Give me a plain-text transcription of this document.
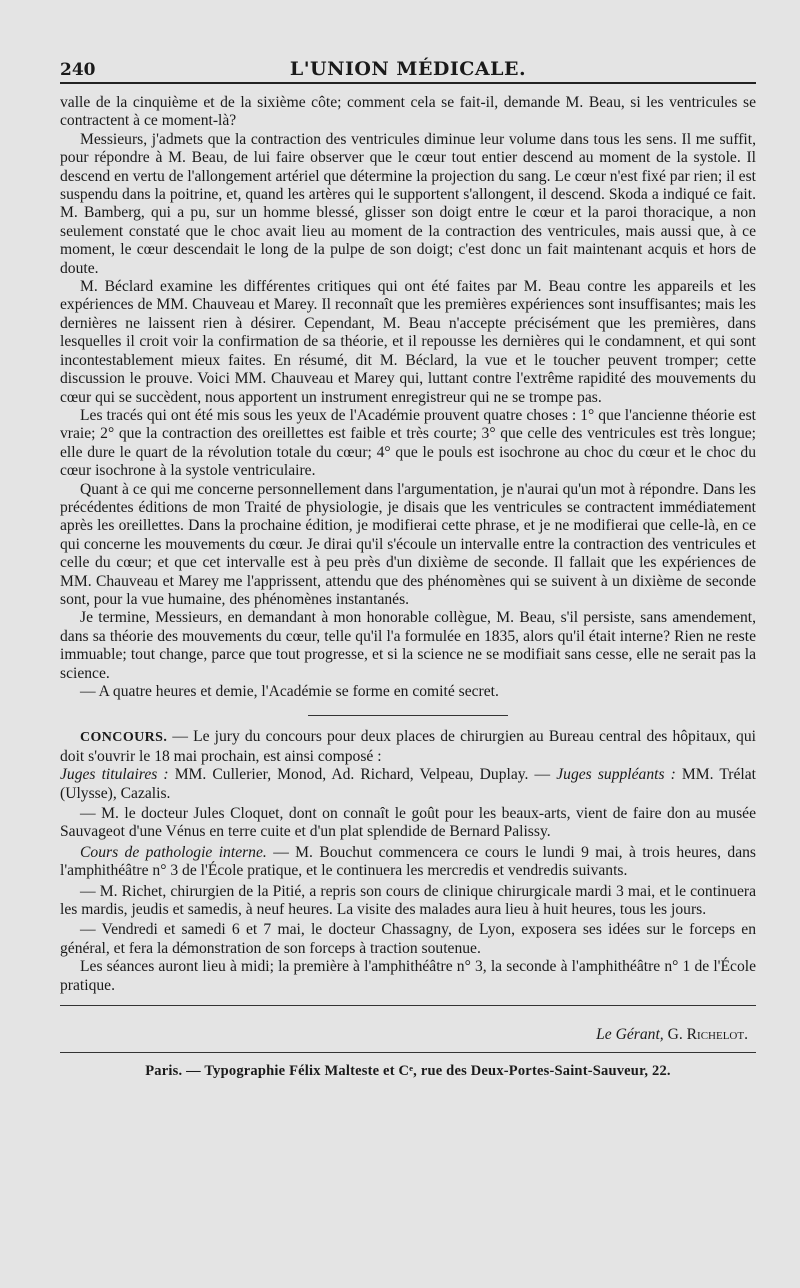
240	L'UNION MÉDICALE.

valle de la cinquième et de la sixième côte; comment cela se fait-il, demande M. Beau, si les ventricules se contractent à ce moment-là?

Messieurs, j'admets que la contraction des ventricules diminue leur volume dans tous les sens. Il me suffit, pour répondre à M. Beau, de lui faire observer que le cœur tout entier descend au moment de la systole. Il descend en vertu de l'allongement artériel que détermine la projection du sang. Le cœur n'est fixé par rien; il est suspendu dans la poitrine, et, quand les artères qui le supportent s'allongent, il descend. Skoda a indiqué ce fait. M. Bamberg, qui a pu, sur un homme blessé, glisser son doigt entre le cœur et la paroi thoracique, a non seulement constaté que le choc avait lieu au moment de la contraction des ventricules, mais aussi que, à ce moment, le cœur descendait le long de la pulpe de son doigt; c'est donc un fait maintenant acquis et hors de doute.

M. Béclard examine les différentes critiques qui ont été faites par M. Beau contre les appareils et les expériences de MM. Chauveau et Marey. Il reconnaît que les premières expériences sont insuffisantes; mais les dernières ne laissent rien à désirer. Cependant, M. Beau n'accepte précisément que les premières, dans lesquelles il croit voir la confirmation de sa théorie, et il repousse les dernières qui le condamnent, et qui sont incontestablement mieux faites. En résumé, dit M. Béclard, la vue et le toucher peuvent tromper; cette discussion le prouve. Voici MM. Chauveau et Marey qui, luttant contre l'extrême rapidité des mouvements du cœur qui se succèdent, nous apportent un instrument enregistreur qui ne se trompe pas.

Les tracés qui ont été mis sous les yeux de l'Académie prouvent quatre choses : 1° que l'ancienne théorie est vraie; 2° que la contraction des oreillettes est faible et très courte; 3° que celle des ventricules est très longue; elle dure le quart de la révolution totale du cœur; 4° que le pouls est isochrone au choc du cœur et le choc du cœur isochrone à la systole ventriculaire.

Quant à ce qui me concerne personnellement dans l'argumentation, je n'aurai qu'un mot à répondre. Dans les précédentes éditions de mon Traité de physiologie, je disais que les ventricules se contractent immédiatement après les oreillettes. Dans la prochaine édition, je modifierai cette phrase, et je ne modifierai que celle-là, en ce qui concerne les mouvements du cœur. Je dirai qu'il s'écoule un intervalle entre la contraction des ventricules et celle du cœur; et que cet intervalle est à peu près d'un dixième de seconde. Il fallait que les expériences de MM. Chauveau et Marey me l'apprissent, attendu que des phénomènes qui se suivent à un dixième de seconde sont, pour la vue humaine, des phénomènes instantanés.

Je termine, Messieurs, en demandant à mon honorable collègue, M. Beau, s'il persiste, sans amendement, dans sa théorie des mouvements du cœur, telle qu'il l'a formulée en 1835, alors qu'il était interne? Rien ne reste immuable; tout change, parce que tout progresse, et si la science ne se modifiait sans cesse, elle ne serait pas la science.

— A quatre heures et demie, l'Académie se forme en comité secret.

CONCOURS. — Le jury du concours pour deux places de chirurgien au Bureau central des hôpitaux, qui doit s'ouvrir le 18 mai prochain, est ainsi composé :

Juges titulaires : MM. Cullerier, Monod, Ad. Richard, Velpeau, Duplay. — Juges suppléants : MM. Trélat (Ulysse), Cazalis.

— M. le docteur Jules Cloquet, dont on connaît le goût pour les beaux-arts, vient de faire don au musée Sauvageot d'une Vénus en terre cuite et d'un plat splendide de Bernard Palissy.

Cours de pathologie interne. — M. Bouchut commencera ce cours le lundi 9 mai, à trois heures, dans l'amphithéâtre n° 3 de l'École pratique, et le continuera les mercredis et vendredis suivants.

— M. Richet, chirurgien de la Pitié, a repris son cours de clinique chirurgicale mardi 3 mai, et le continuera les mardis, jeudis et samedis, à neuf heures. La visite des malades aura lieu à huit heures, tous les jours.

— Vendredi et samedi 6 et 7 mai, le docteur Chassagny, de Lyon, exposera ses idées sur le forceps en général, et fera la démonstration de son forceps à traction soutenue.

Les séances auront lieu à midi; la première à l'amphithéâtre n° 3, la seconde à l'amphithéâtre n° 1 de l'École pratique.

Le Gérant, G. Richelot.
Paris. — Typographie Félix Malteste et Cᵉ, rue des Deux-Portes-Saint-Sauveur, 22.
